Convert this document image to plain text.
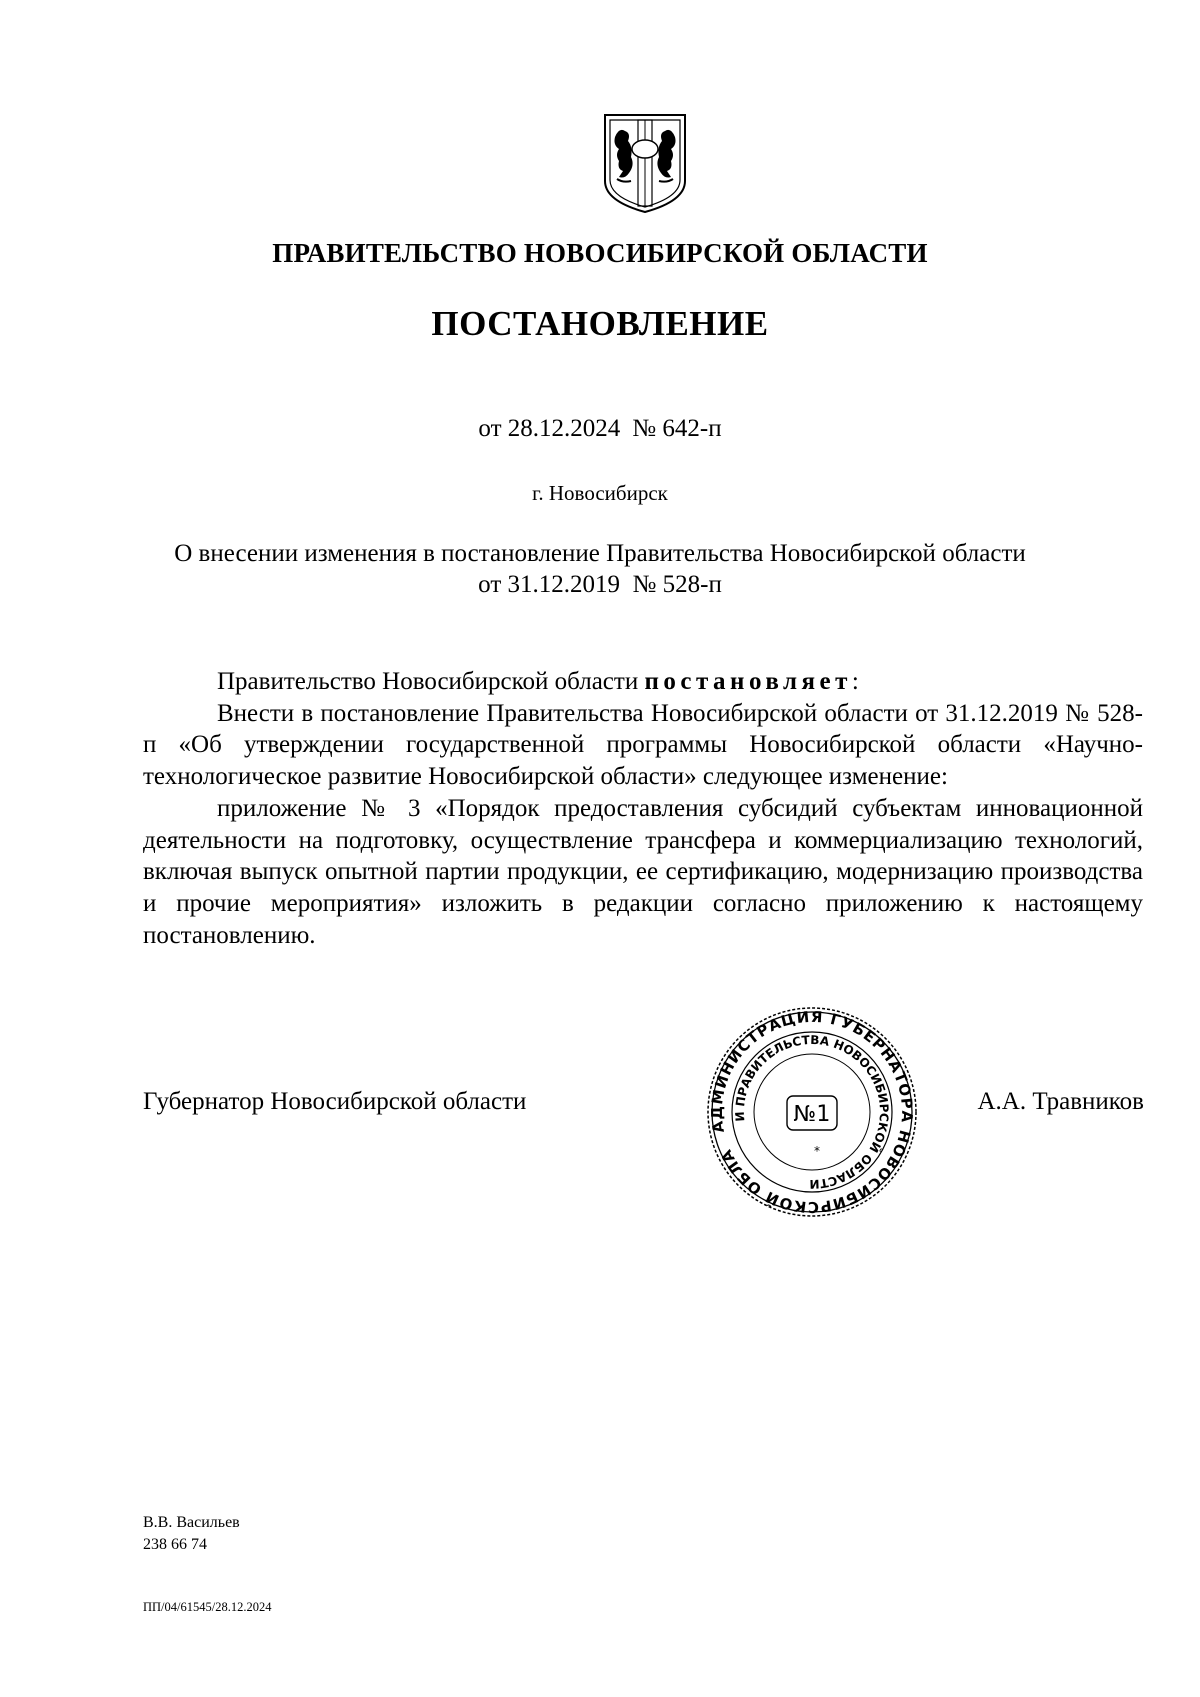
ПРАВИТЕЛЬСТВО НОВОСИБИРСКОЙ ОБЛАСТИ
ПОСТАНОВЛЕНИЕ
от 28.12.2024 № 642-п
г. Новосибирск
О внесении изменения в постановление Правительства Новосибирской области
от 31.12.2019  № 528-п

Правительство Новосибирской области постановляет:

Внести в постановление Правительства Новосибирской области от 31.12.2019 № 528-п «Об утверждении государственной программы Новосибирской области «Научно-технологическое развитие Новосибирской области» следующее изменение:

приложение № 3 «Порядок предоставления субсидий субъектам инновационной деятельности на подготовку, осуществление трансфера и коммерциализацию технологий, включая выпуск опытной партии продукции, ее сертификацию, модернизацию производства и прочие мероприятия» изложить в редакции согласно приложению к настоящему постановлению.

Губернатор Новосибирской области
АДМИНИСТРАЦИЯ ГУБЕРНАТОРА НОВОСИБИРСКОЙ ОБЛАСТИ
И ПРАВИТЕЛЬСТВА НОВОСИБИРСКОЙ ОБЛАСТИ
№1
*
А.А. Травников
В.В. Васильев
238 66 74
ПП/04/61545/28.12.2024
